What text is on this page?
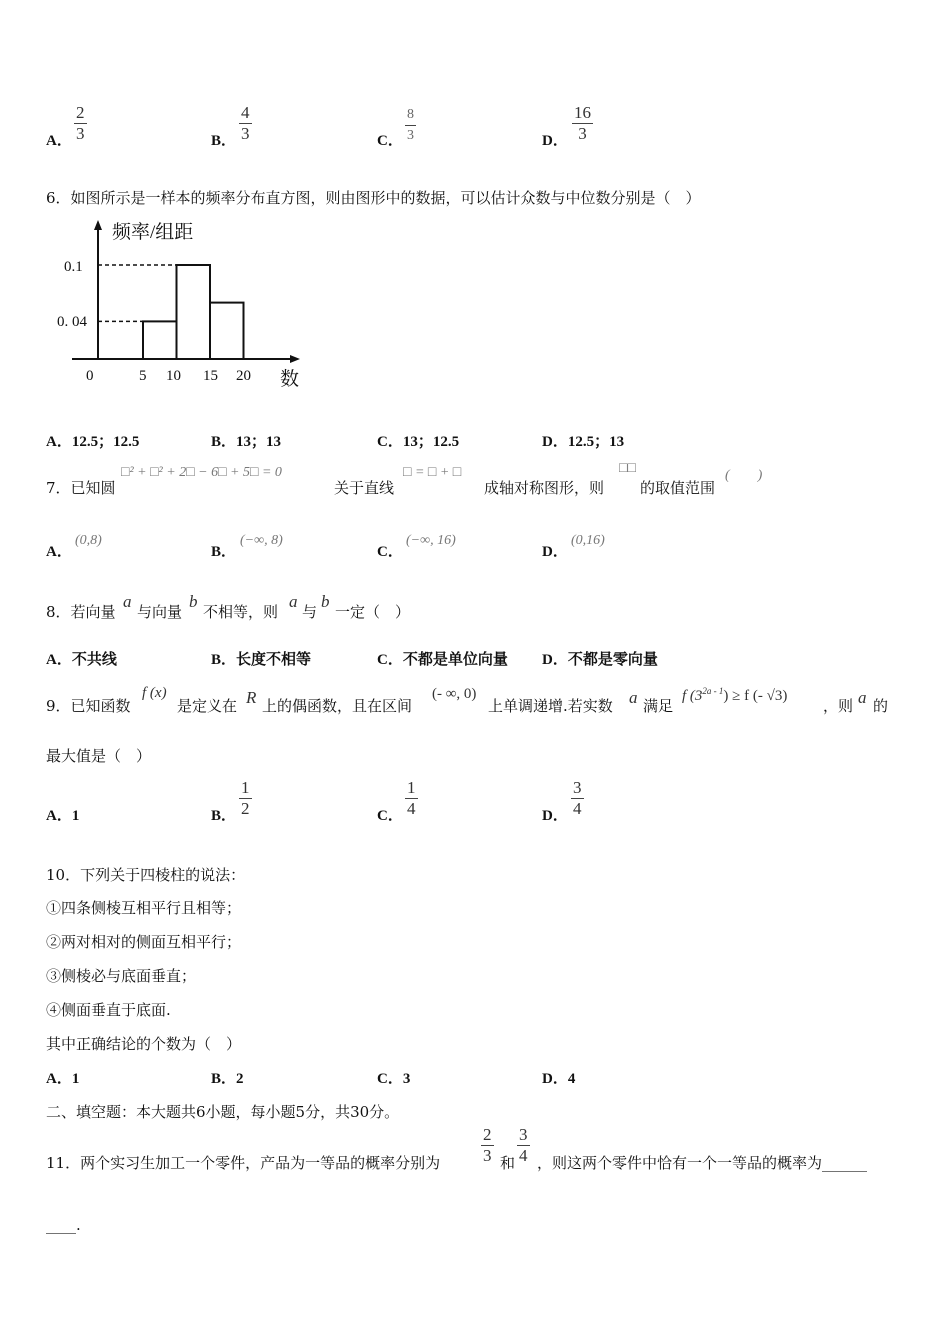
A． $\frac{2}{3}$	B． $\frac{4}{3}$	C． $\frac{8}{3}$	D． $\frac{16}{3}$
6．如图所示是一样本的频率分布直方图，则由图形中的数据，可以估计众数与中位数分别是（　）
频率/组距
0.1
0. 04
0	5 10 15 20 数
A．12.5；12.5	B．13；13	C．13；12.5	D．12.5；13
7．已知圆
□² + □² + 2□ − 6□ + 5□ = 0
关于直线
□ = □ + □
成轴对称图形，则
□□
的取值范围
(　　)
A．
(0,8)
B．
(−∞, 8)
C．
(−∞, 16)
D．
(0,16)
8．若向量
a
与向量
b
不相等，则
a
与
b
一定（　）
A．不共线	B．长度不相等	C．不都是单位向量 D．不都是零向量
9．已知函数
f (x)
是定义在 R 上的偶函数，且在区间
(- ∞, 0)
上单调递增.若实数 a 满足
f $(3^{2a - 1}) \ge f$ (- √3)
，则 a 的
最大值是（　）
A．1	B． $\frac{1}{2}$	C． $\frac{1}{4}$	D． $\frac{3}{4}$
10．下列关于四棱柱的说法：
①四条侧棱互相平行且相等；
②两对相对的侧面互相平行；
③侧棱必与底面垂直；
④侧面垂直于底面.
其中正确结论的个数为（　）
A．1	B．2	C．3	D．4
二、填空题：本大题共6小题，每小题5分，共30分。
11．两个实习生加工一个零件，产品为一等品的概率分别为 $\frac{2}{3}$ 和 $\frac{3}{4}$ ，则这两个零件中恰有一个一等品的概率为______
____.
